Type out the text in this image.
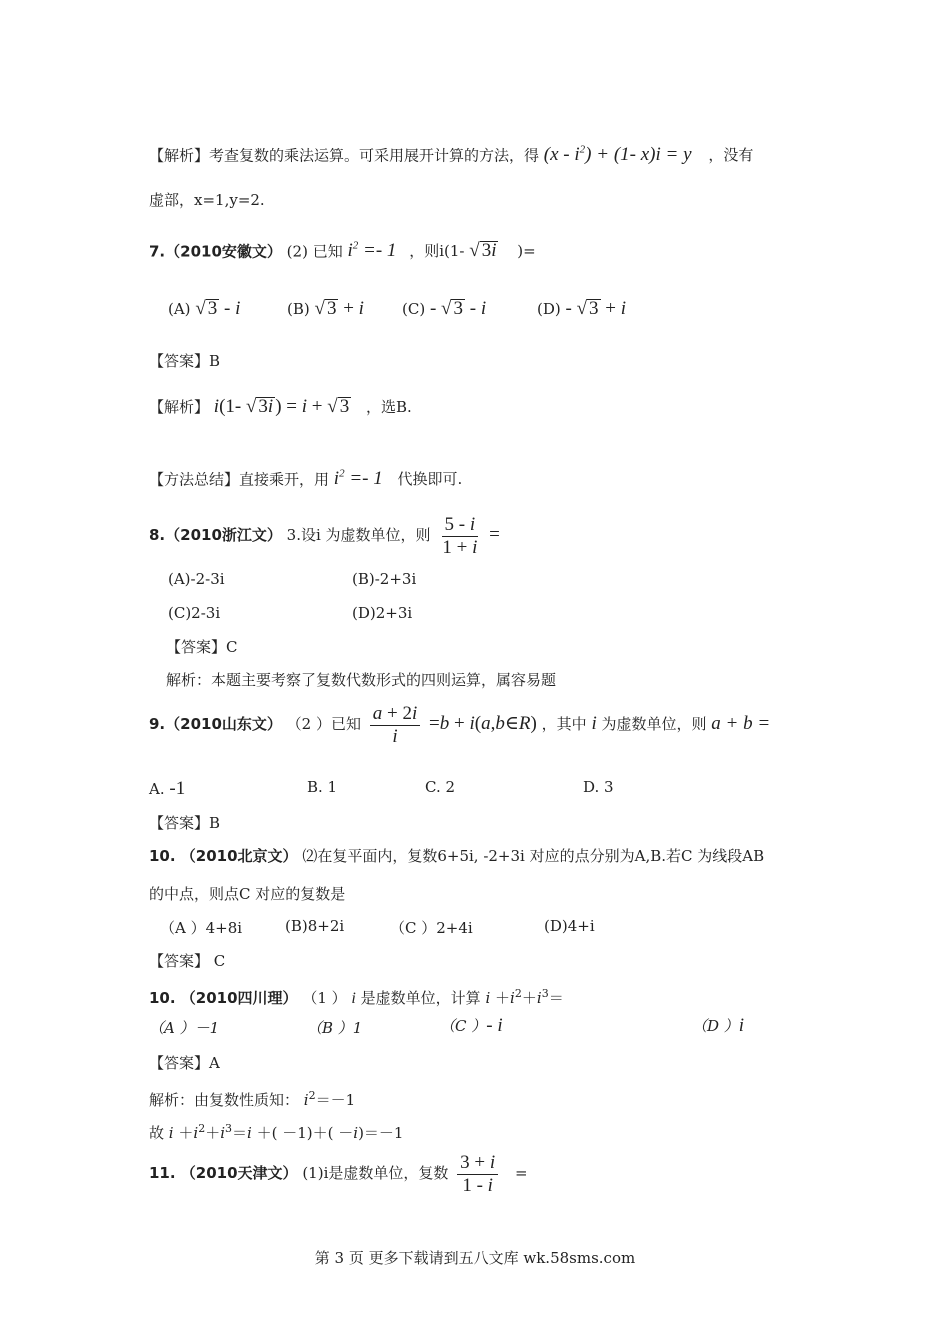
【解析】考查复数的乘法运算。可采用展开计算的方法，得 $(x - i^2) + (1-$ x)i = y ，没有
虚部，x=1,y=2.
7.（2010安徽文） (2) 已知 $i^2 =- 1$ ，则i(1- √ 3i )=
(A) √ 3 - i	(B) √ 3 + i	(C) - √ 3 - i	(D) - √ 3 + i
【答案】B
【解析】 i(1- √ 3i ) = i + √ 3 ，选B.
【方法总结】直接乘开，用 $i^2 =- 1$ 代换即可.
8.（2010浙江文） 3.设i 为虚数单位，则 $\frac{5 - i}{1 + i}$ =
(A)-2-3i	(B)-2+3i
(C)2-3i	(D)2+3i
【答案】C
解析：本题主要考察了复数代数形式的四则运算，属容易题
9.（2010山东文） （2 ）已知 $\frac{a + 2i}{i} =b$ + i(a,b∈R) ，其中 i 为虚数单位，则 a + b =
A. -1	B. 1	C. 2	D. 3
【答案】B
10. （2010北京文） ⑵在复平面内，复数6+5i, -2+3i 对应的点分别为A,B.若C 为线段AB
的中点，则点C 对应的复数是
（A ）4+8i	(B)8+2i	（C ）2+4i	(D)4+i
【答案】 C
10. （2010四川理） （1 ） i 是虚数单位，计算 $i +i^2+i^3=$
（A ）－1	（B ）1	（C ）- i	（D ）i
【答案】A
解析：由复数性质知： $i^2=-1$
故 $i +i^2+i^3=i$ ＋( －1)＋( －i)＝－1
11. （2010天津文） (1)i是虚数单位，复数 $\frac{3 + i}{1 - i}$ =
第 3 页 更多下载请到五八文库 wk.58sms.com
